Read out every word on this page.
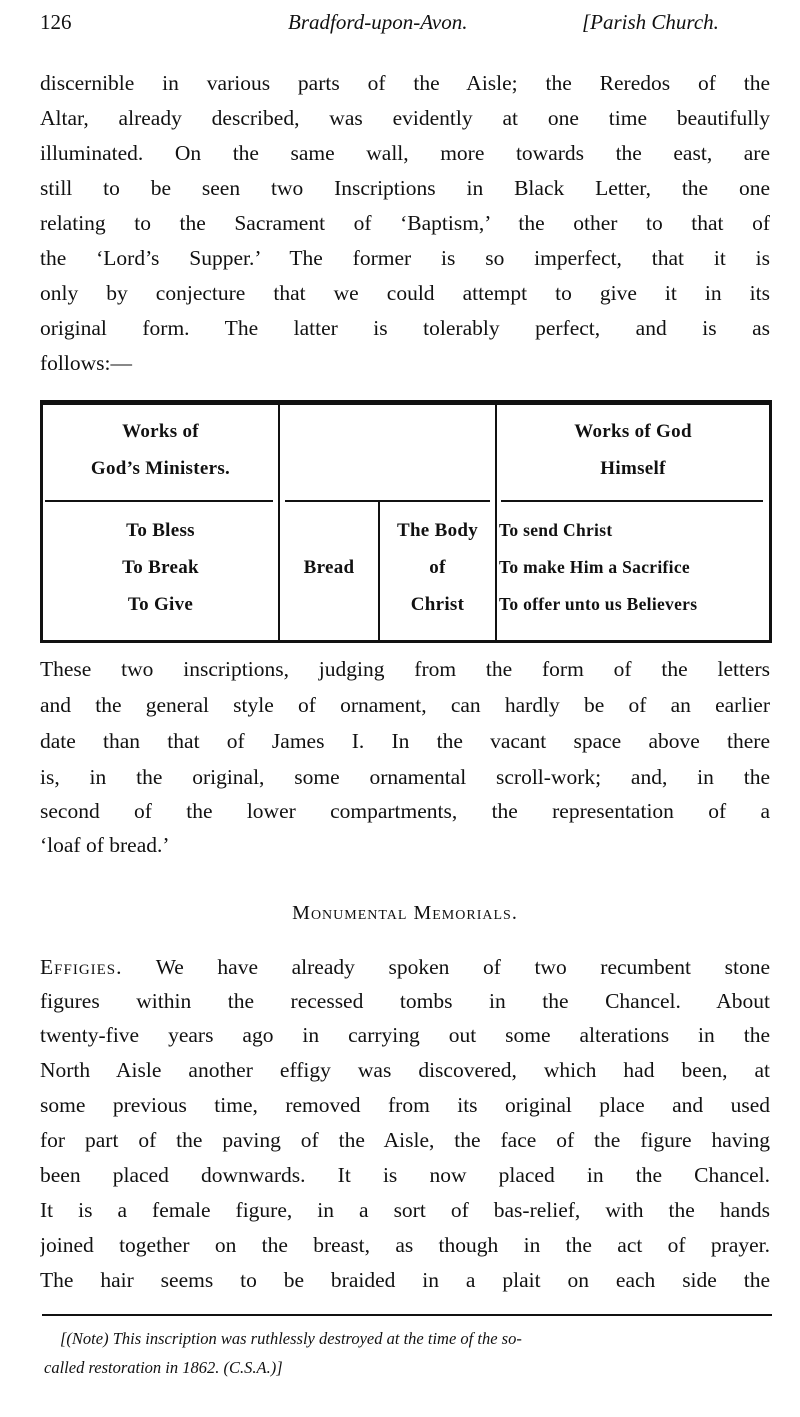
126	Bradford-upon-Avon.	[Parish Church.
discernible in various parts of the Aisle; the Reredos of the
Altar, already described, was evidently at one time beautifully
illuminated. On the same wall, more towards the east, are
still to be seen two Inscriptions in Black Letter, the one
relating to the Sacrament of ‘Baptism,’ the other to that of
the ‘Lord’s Supper.’ The former is so imperfect, that it is
only by conjecture that we could attempt to give it in its
original form. The latter is tolerably perfect, and is as
follows:—
Works of
God’s Ministers.
Works of God
Himself
To Bless
To Break
To Give
Bread
The Body
of
Christ
To send Christ
To make Him a Sacrifice
To offer unto us Believers
These two inscriptions, judging from the form of the letters
and the general style of ornament, can hardly be of an earlier
date than that of James I. In the vacant space above there
is, in the original, some ornamental scroll-work; and, in the
second of the lower compartments, the representation of a
‘loaf of bread.’
Monumental Memorials.
Effigies. We have already spoken of two recumbent stone
figures within the recessed tombs in the Chancel. About
twenty-five years ago in carrying out some alterations in the
North Aisle another effigy was discovered, which had been, at
some previous time, removed from its original place and used
for part of the paving of the Aisle, the face of the figure having
been placed downwards. It is now placed in the Chancel.
It is a female figure, in a sort of bas-relief, with the hands
joined together on the breast, as though in the act of prayer.
The hair seems to be braided in a plait on each side the
[(Note) This inscription was ruthlessly destroyed at the time of the so-
called restoration in 1862. (C.S.A.)]
